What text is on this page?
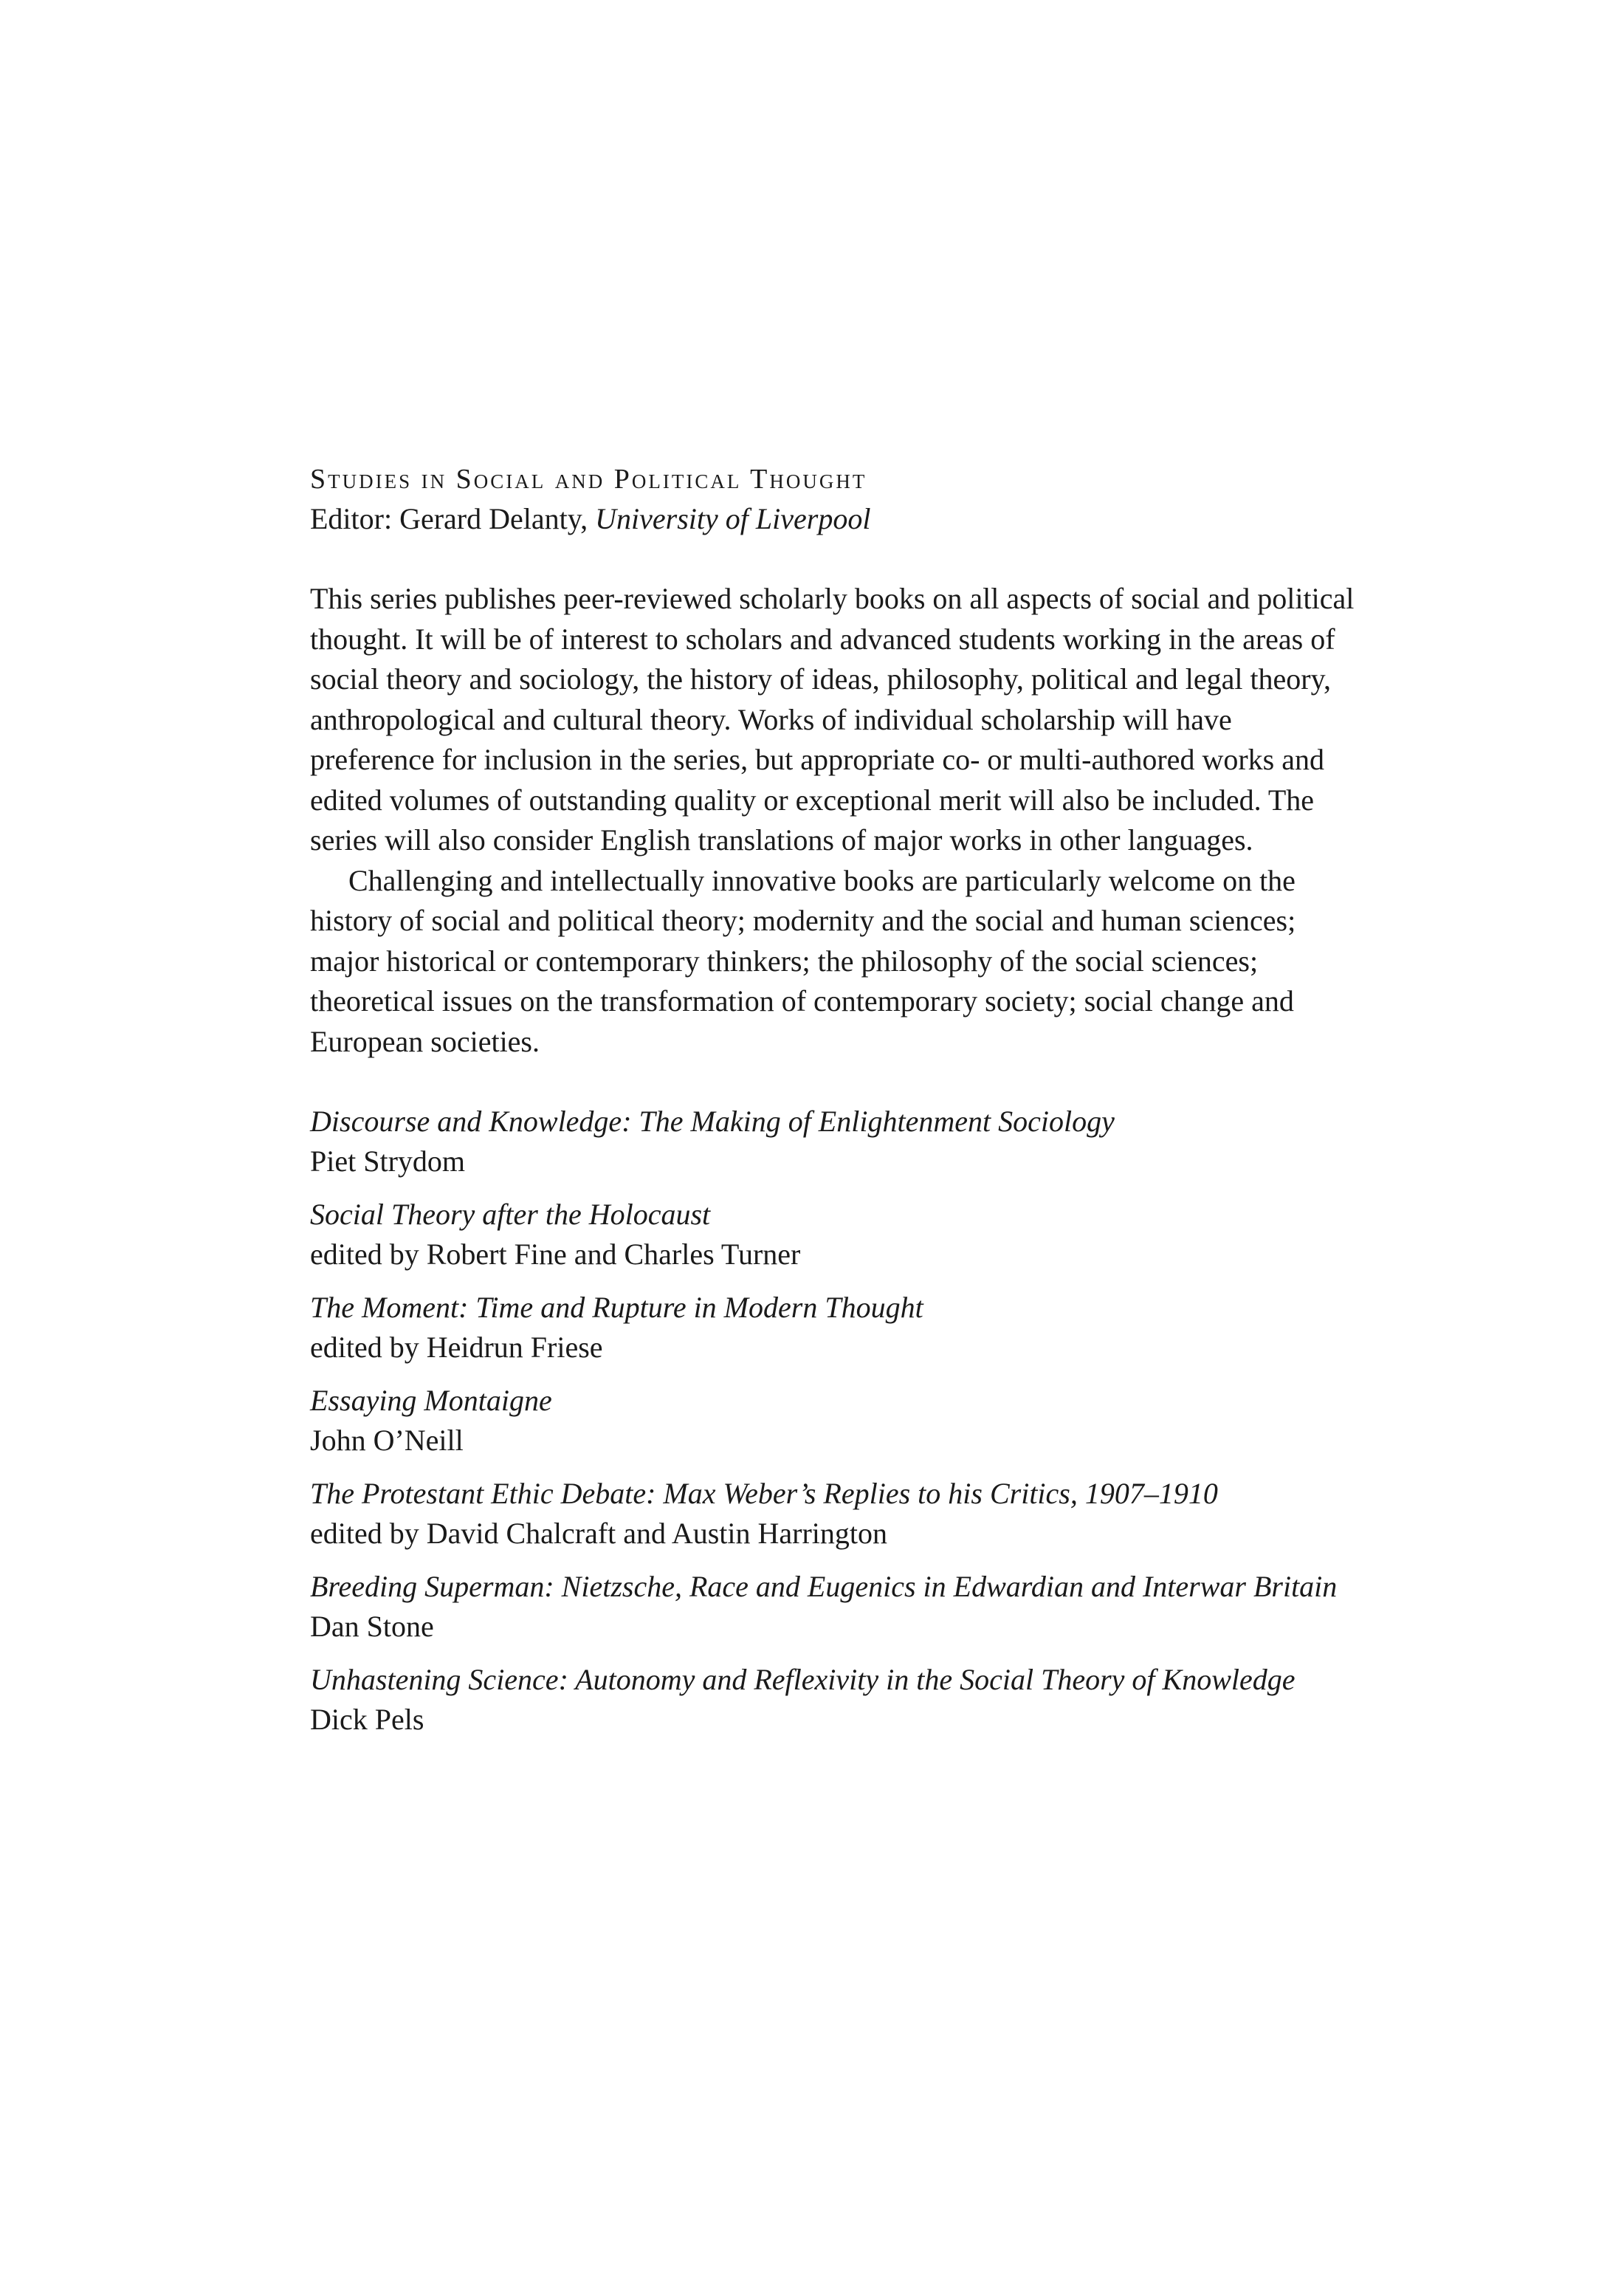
Studies in Social and Political Thought

Editor: Gerard Delanty, University of Liverpool

This series publishes peer-reviewed scholarly books on all aspects of social and political thought. It will be of interest to scholars and advanced students working in the areas of social theory and sociology, the history of ideas, philosophy, political and legal theory, anthropological and cultural theory. Works of individual scholarship will have preference for inclusion in the series, but appropriate co- or multi-authored works and edited volumes of outstanding quality or exceptional merit will also be included. The series will also consider English translations of major works in other languages.

Challenging and intellectually innovative books are particularly welcome on the history of social and political theory; modernity and the social and human sciences; major historical or contemporary thinkers; the philosophy of the social sciences; theoretical issues on the transformation of contemporary society; social change and European societies.

Discourse and Knowledge: The Making of Enlightenment Sociology
Piet Strydom
Social Theory after the Holocaust
edited by Robert Fine and Charles Turner
The Moment: Time and Rupture in Modern Thought
edited by Heidrun Friese
Essaying Montaigne
John O’Neill
The Protestant Ethic Debate: Max Weber’s Replies to his Critics, 1907–1910
edited by David Chalcraft and Austin Harrington
Breeding Superman: Nietzsche, Race and Eugenics in Edwardian and Interwar Britain
Dan Stone
Unhastening Science: Autonomy and Reflexivity in the Social Theory of Knowledge
Dick Pels
